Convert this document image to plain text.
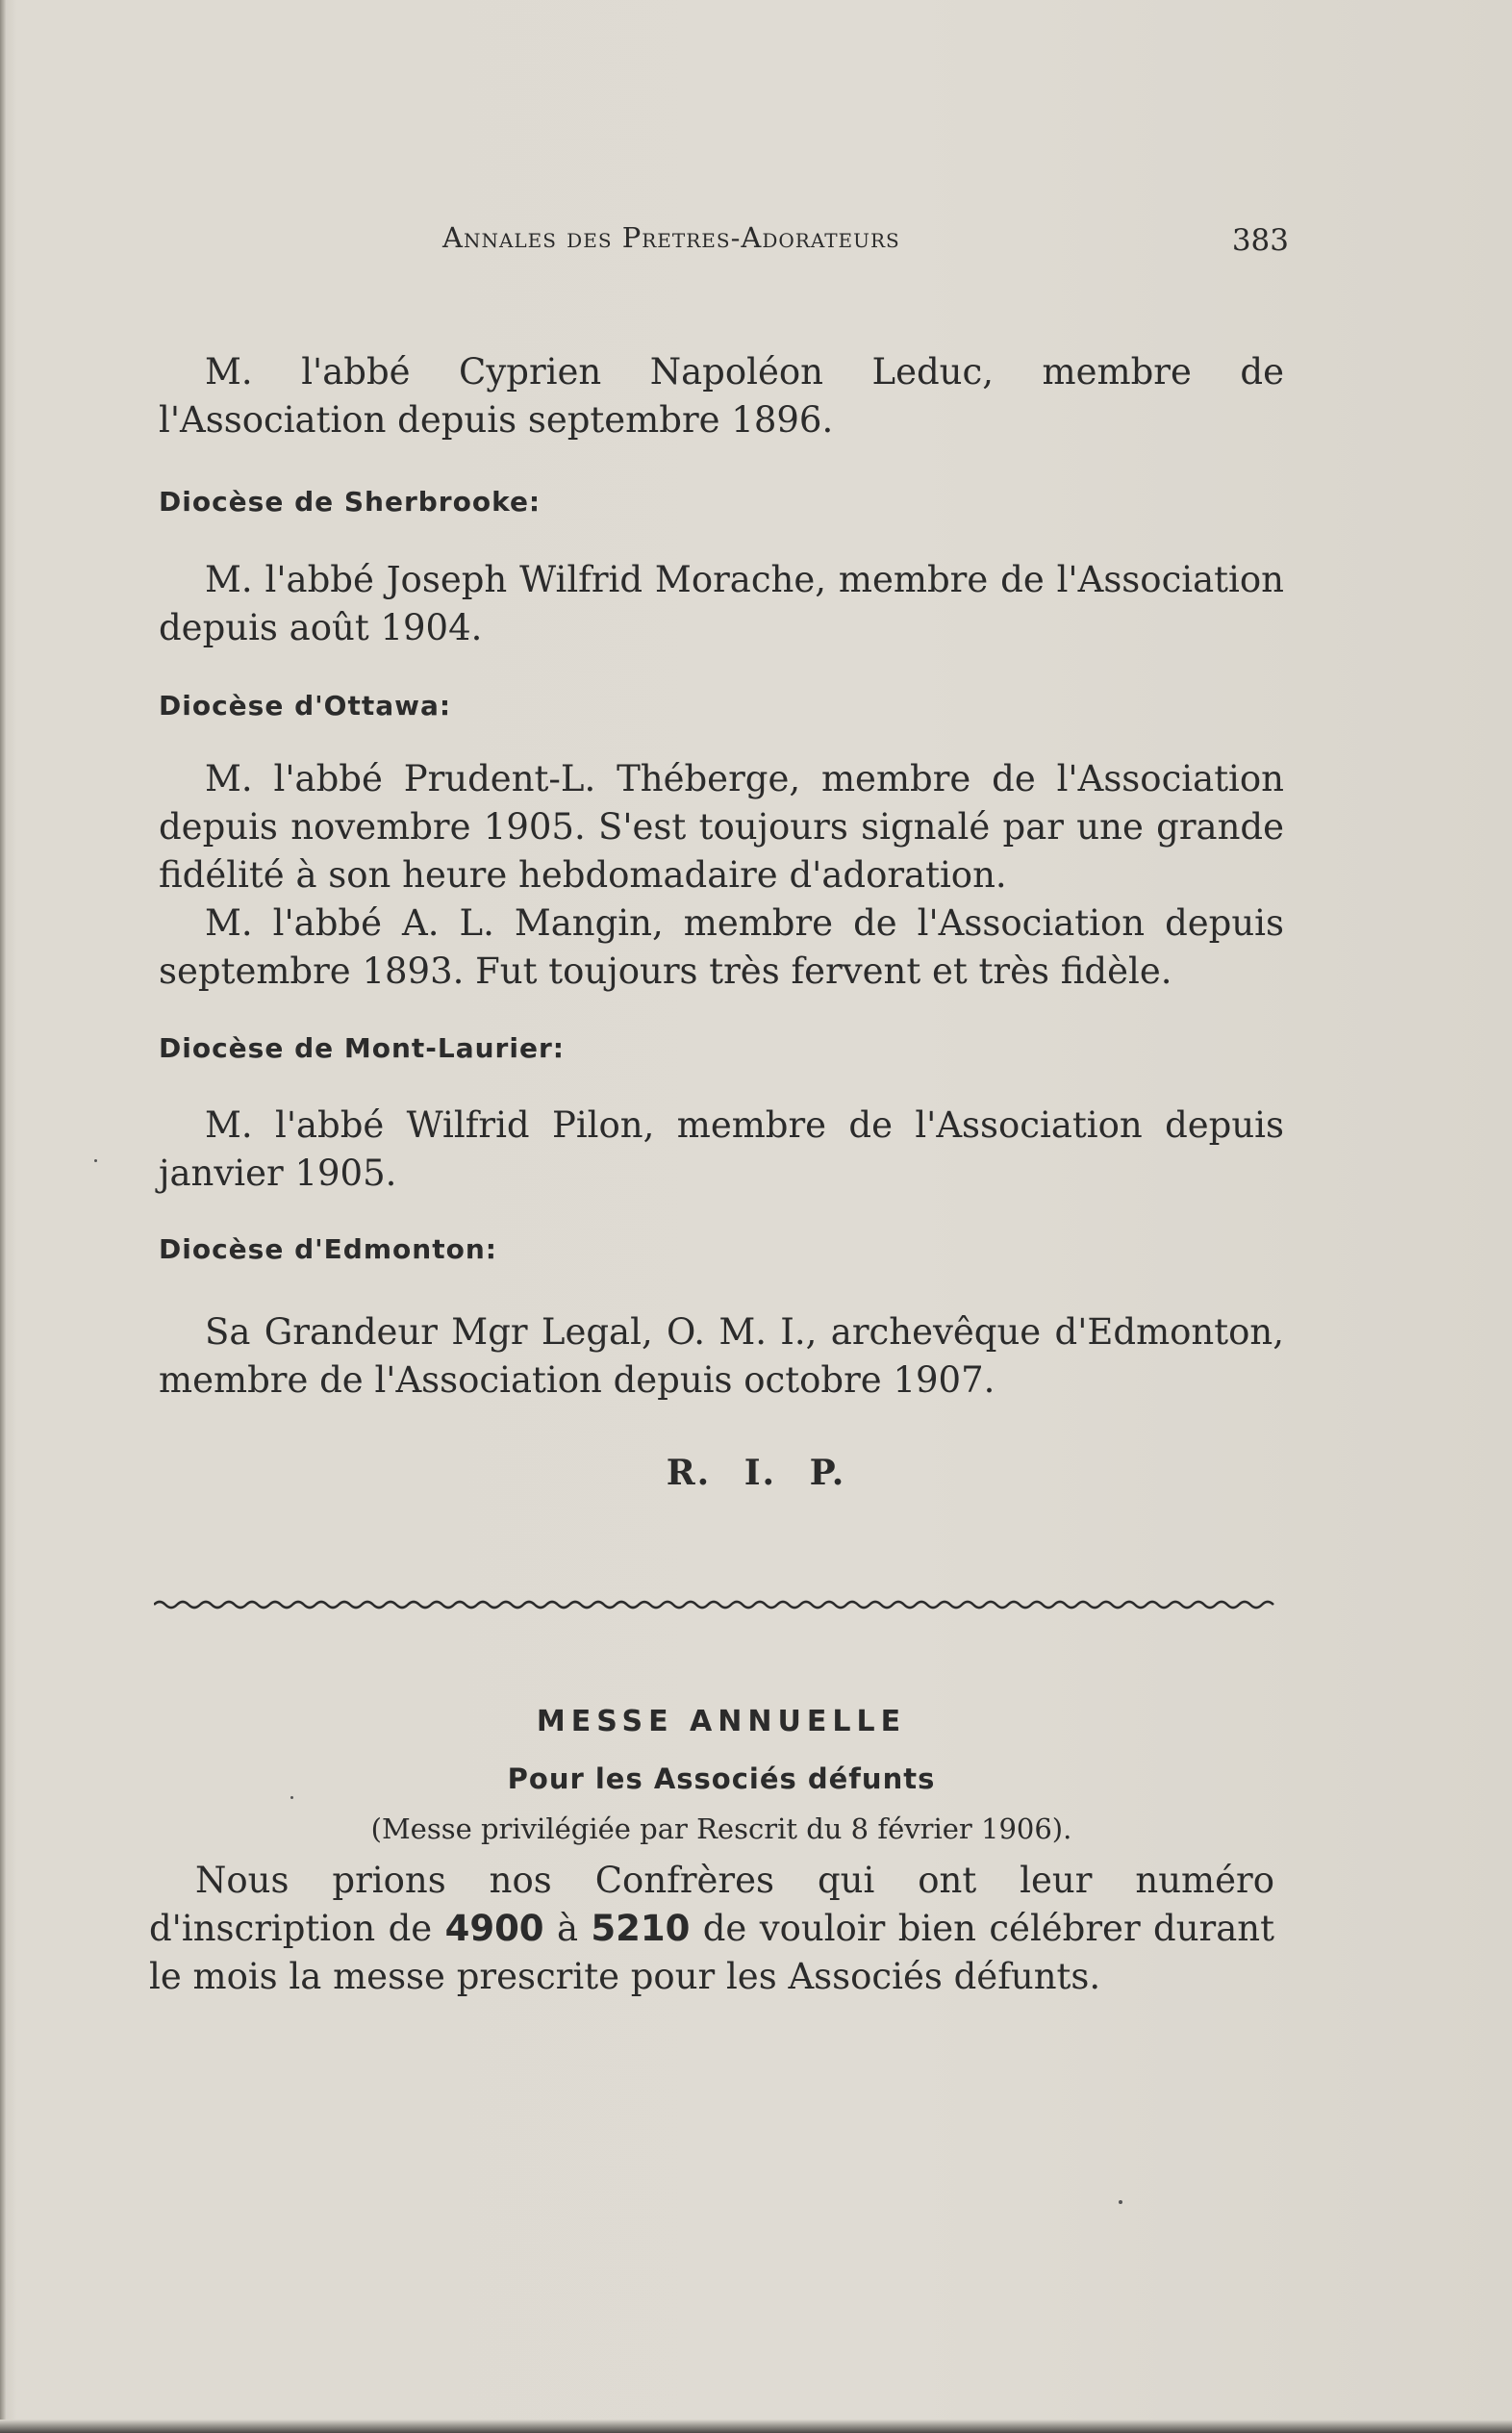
Annales des Pretres-Adorateurs	383

M. l'abbé Cyprien Napoléon Leduc, membre de l'Association depuis septembre 1896.

Diocèse de Sherbrooke:

M. l'abbé Joseph Wilfrid Morache, membre de l'Association depuis août 1904.

Diocèse d'Ottawa:

M. l'abbé Prudent-L. Théberge, membre de l'Association depuis novembre 1905. S'est toujours signalé par une grande fidélité à son heure hebdomadaire d'adoration.

M. l'abbé A. L. Mangin, membre de l'Association depuis septembre 1893. Fut toujours très fervent et très fidèle.

Diocèse de Mont-Laurier:

M. l'abbé Wilfrid Pilon, membre de l'Association depuis janvier 1905.

Diocèse d'Edmonton:

Sa Grandeur Mgr Legal, O. M. I., archevêque d'Edmonton, membre de l'Association depuis octobre 1907.

R. I. P.
MESSE ANNUELLE
Pour les Associés défunts
(Messe privilégiée par Rescrit du 8 février 1906).

Nous prions nos Confrères qui ont leur numéro d'inscription de 4900 à 5210 de vouloir bien célébrer durant le mois la messe prescrite pour les Associés défunts.
